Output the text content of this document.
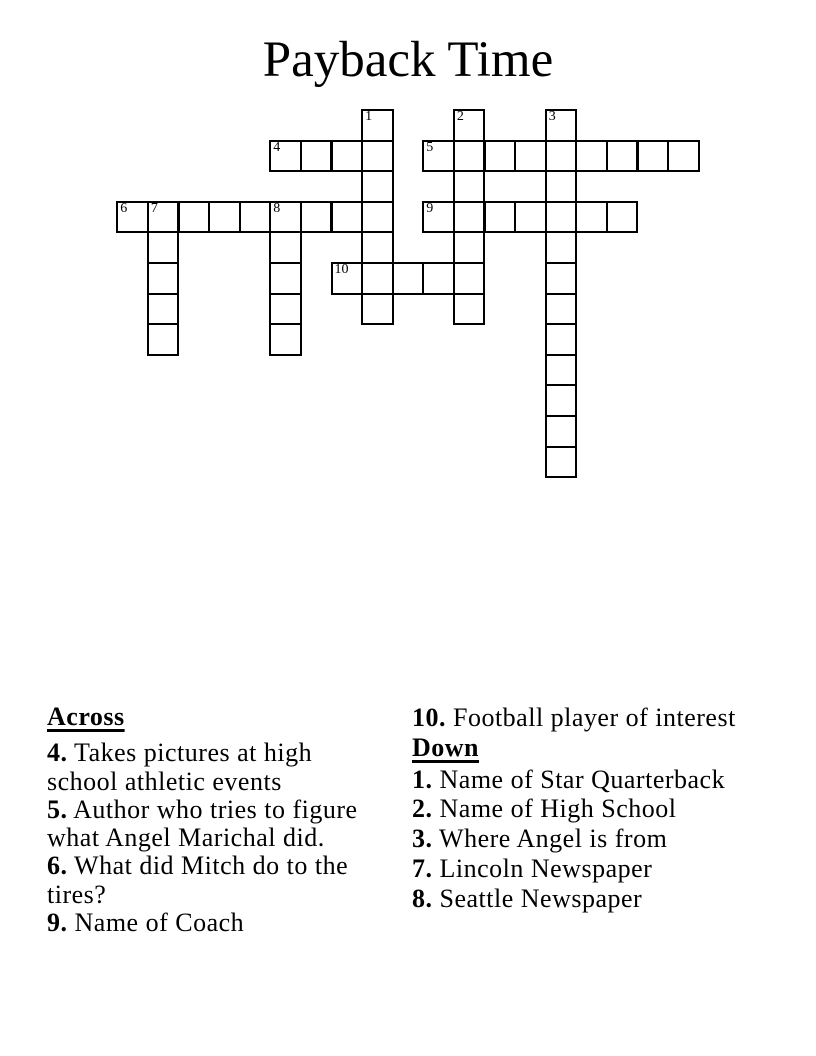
Payback Time
1	2	3
4	5
6 7	8	9
10
Across
4. Takes pictures at high school athletic events
5. Author who tries to figure what Angel Marichal did.
6. What did Mitch do to the tires?
9. Name of Coach
10. Football player of interest
Down
1. Name of Star Quarterback
2. Name of High School
3. Where Angel is from
7. Lincoln Newspaper
8. Seattle Newspaper
